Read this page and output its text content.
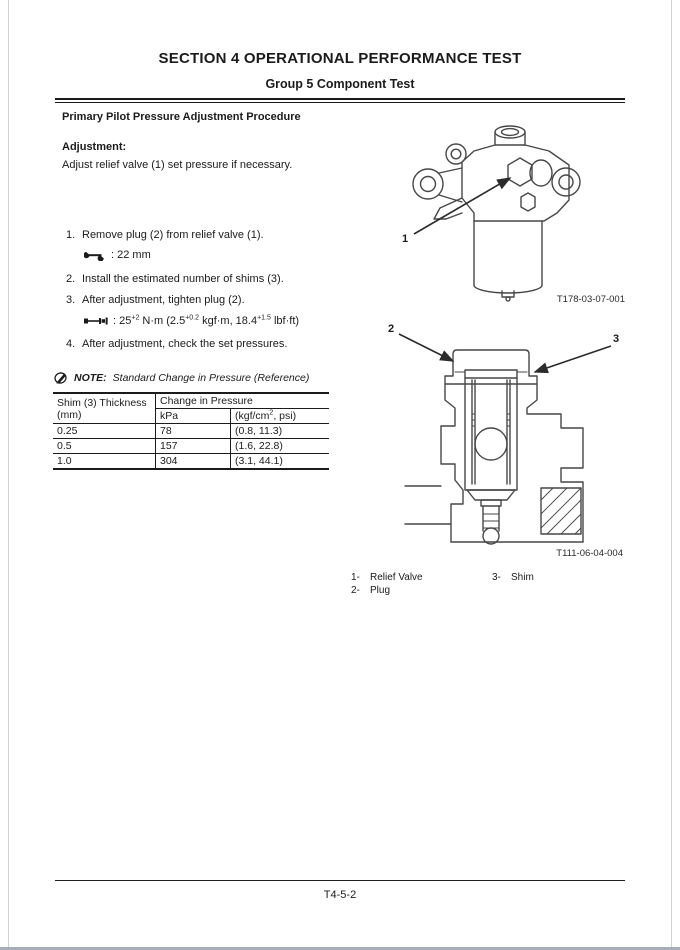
SECTION 4 OPERATIONAL PERFORMANCE TEST
Group 5 Component Test
Primary Pilot Pressure Adjustment Procedure
Adjustment:
Adjust relief valve (1) set pressure if necessary.
1. Remove plug (2) from relief valve (1).
: 22 mm
2. Install the estimated number of shims (3).
3. After adjustment, tighten plug (2).
: $25^{+2}$ N·m ($2.5^{+0.2}$ kgf·m, $18.4^{+1.5}$ lbf·ft)
4. After adjustment, check the set pressures.
NOTE: Standard Change in Pressure (Reference)
Shim (3) Thickness (mm)	Change in Pressure	
	kPa	($kgf/cm^2$, psi)
0.25	78	(0.8, 11.3)
0.5	157	(1.6, 22.8)
1.0	304	(3.1, 44.1)
1
T178-03-07-001
2
3
T111-06-04-004
1- Relief Valve
2- Plug
3- Shim
T4-5-2
